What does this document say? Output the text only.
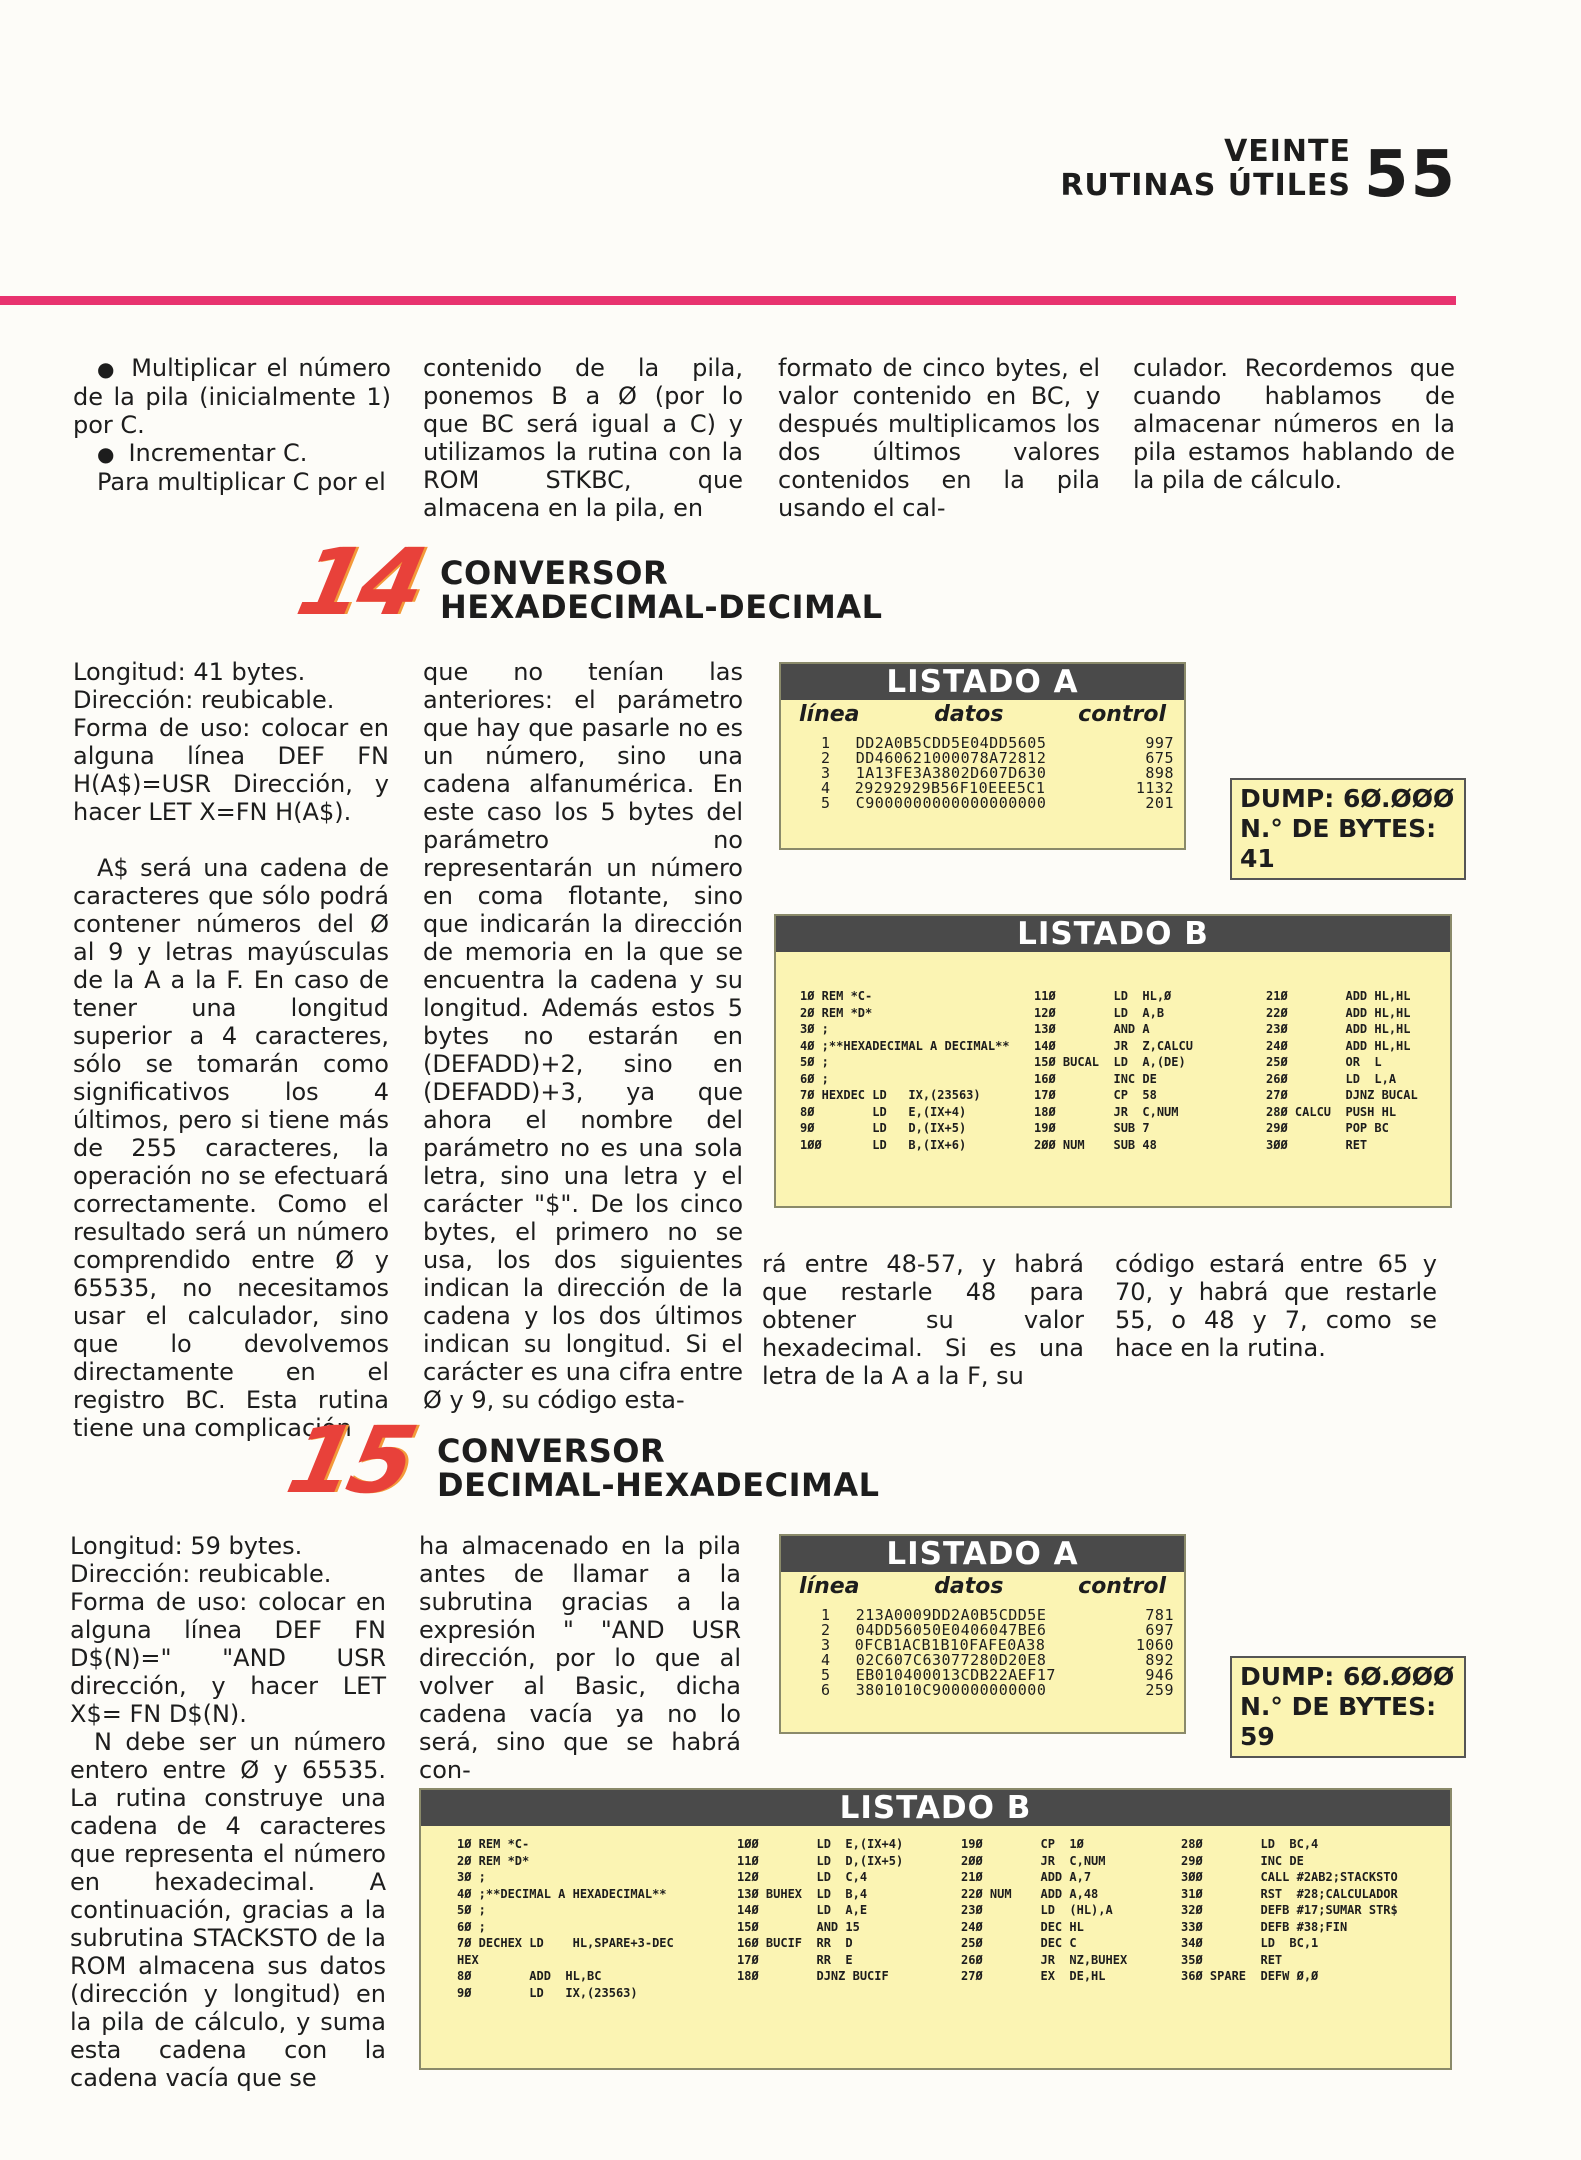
VEINTE
RUTINAS ÚTILES 55

● Multiplicar el número de la pila (inicialmente 1) por C.

● Incrementar C.

Para multiplicar C por el

contenido de la pila, ponemos B a Ø (por lo que BC será igual a C) y utilizamos la rutina con la ROM STKBC, que almacena en la pila, en
formato de cinco bytes, el valor contenido en BC, y después multiplicamos los dos últimos valores contenidos en la pila usando el cal-
culador. Recordemos que cuando hablamos de almacenar números en la pila estamos hablando de la pila de cálculo.
14 CONVERSOR
HEXADECIMAL-DECIMAL

Longitud: 41 bytes.

Dirección: reubicable.

Forma de uso: colocar en alguna línea DEF FN H(A$)=USR Dirección, y hacer LET X=FN H(A$).

A$ será una cadena de caracteres que sólo podrá contener números del Ø al 9 y letras mayúsculas de la A a la F. En caso de tener una longitud superior a 4 caracteres, sólo se tomarán como significativos los 4 últimos, pero si tiene más de 255 caracteres, la operación no se efectuará correctamente. Como el resultado será un número comprendido entre Ø y 65535, no necesitamos usar el calculador, sino que lo devolvemos directamente en el registro BC. Esta rutina tiene una complicación

que no tenían las anteriores: el parámetro que hay que pasarle no es un número, sino una cadena alfanumérica. En este caso los 5 bytes del parámetro no representarán un número en coma flotante, sino que indicarán la dirección de memoria en la que se encuentra la cadena y su longitud. Además estos 5 bytes no estarán en (DEFADD)+2, sino en (DEFADD)+3, ya que ahora el nombre del parámetro no es una sola letra, sino una letra y el carácter "$". De los cinco bytes, el primero no se usa, los dos siguientes indican la dirección de la cadena y los dos últimos indican su longitud. Si el carácter es una cifra entre Ø y 9, su código esta-
rá entre 48-57, y habrá que restarle 48 para obtener su valor hexadecimal. Si es una letra de la A a la F, su
código estará entre 65 y 70, y habrá que restarle 55, o 48 y 7, como se hace en la rutina.
LISTADO A
línea	datos	control
1	DD2A0B5CDD5E04DD5605	997
2	DD460621000078A72812	675
3	1A13FE3A3802D607D630	898
4	29292929B56F10EEE5C1	1132
5	C9000000000000000000	201	DUMP: 6Ø.ØØØ
N.° DE BYTES: 41
LISTADO B
1Ø REM *C-
2Ø REM *D*
3Ø ;
4Ø ;**HEXADECIMAL A DECIMAL**
5Ø ;
6Ø ;
7Ø HEXDEC LD   IX,(23563)
8Ø        LD   E,(IX+4)
9Ø        LD   D,(IX+5)
1ØØ       LD   B,(IX+6)
11Ø        LD  HL,Ø
12Ø        LD  A,B
13Ø        AND A
14Ø        JR  Z,CALCU
15Ø BUCAL  LD  A,(DE)
16Ø        INC DE
17Ø        CP  58
18Ø        JR  C,NUM
19Ø        SUB 7
2ØØ NUM    SUB 48
21Ø        ADD HL,HL
22Ø        ADD HL,HL
23Ø        ADD HL,HL
24Ø        ADD HL,HL
25Ø        OR  L
26Ø        LD  L,A
27Ø        DJNZ BUCAL
28Ø CALCU  PUSH HL
29Ø        POP BC
3ØØ        RET
15 CONVERSOR
DECIMAL-HEXADECIMAL

Longitud: 59 bytes.

Dirección: reubicable.

Forma de uso: colocar en alguna línea DEF FN D$(N)=" "AND USR dirección, y hacer LET X$= FN D$(N).

N debe ser un número entero entre Ø y 65535. La rutina construye una cadena de 4 caracteres que representa el número en hexadecimal. A continuación, gracias a la subrutina STACKSTO de la ROM almacena sus datos (dirección y longitud) en la pila de cálculo, y suma esta cadena con la cadena vacía que se

ha almacenado en la pila antes de llamar a la subrutina gracias a la expresión " "AND USR dirección, por lo que al volver al Basic, dicha cadena vacía ya no lo será, sino que se habrá con-
LISTADO A
línea	datos	control
1	213A0009DD2A0B5CDD5E	781
2	04DD56050E0406047BE6	697
3	0FCB1ACB1B10FAFE0A38	1060
4	02C607C63077280D20E8	892
5	EB010400013CDB22AEF17	946
6	3801010C900000000000	259	DUMP: 6Ø.ØØØ
N.° DE BYTES: 59
LISTADO B
1Ø REM *C-
2Ø REM *D*
3Ø ;
4Ø ;**DECIMAL A HEXADECIMAL**
5Ø ;
6Ø ;
7Ø DECHEX LD    HL,SPARE+3-DEC
HEX
8Ø        ADD  HL,BC
9Ø        LD   IX,(23563)
1ØØ        LD  E,(IX+4)
11Ø        LD  D,(IX+5)
12Ø        LD  C,4
13Ø BUHEX  LD  B,4
14Ø        LD  A,E
15Ø        AND 15
16Ø BUCIF  RR  D
17Ø        RR  E
18Ø        DJNZ BUCIF
19Ø        CP  1Ø
2ØØ        JR  C,NUM
21Ø        ADD A,7
22Ø NUM    ADD A,48
23Ø        LD  (HL),A
24Ø        DEC HL
25Ø        DEC C
26Ø        JR  NZ,BUHEX
27Ø        EX  DE,HL
28Ø        LD  BC,4
29Ø        INC DE
3ØØ        CALL #2AB2;STACKSTO
31Ø        RST  #28;CALCULADOR
32Ø        DEFB #17;SUMAR STR$
33Ø        DEFB #38;FIN
34Ø        LD  BC,1
35Ø        RET
36Ø SPARE  DEFW Ø,Ø
